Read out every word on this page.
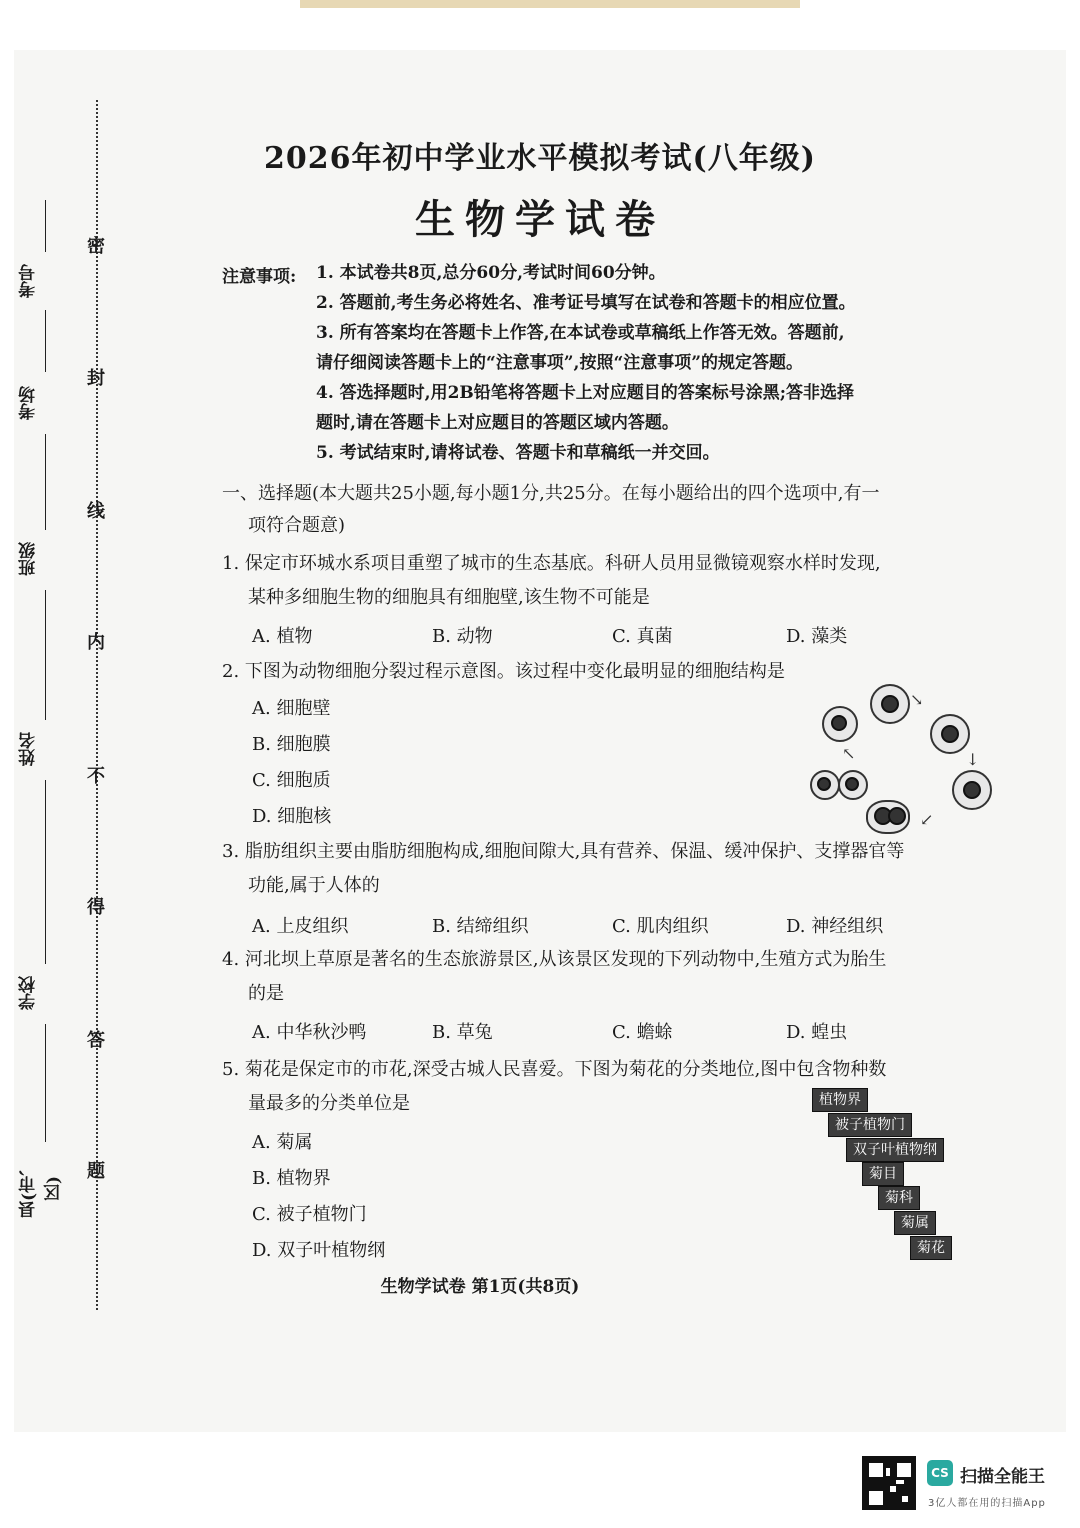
密
封
线
内
不
得
答
题
考号
考场
班级
姓名
学校
县(市、区)
2026年初中学业水平模拟考试(八年级)
生物学试卷
注意事项: 1. 本试卷共8页,总分60分,考试时间60分钟。
2. 答题前,考生务必将姓名、准考证号填写在试卷和答题卡的相应位置。
3. 所有答案均在答题卡上作答,在本试卷或草稿纸上作答无效。答题前,
请仔细阅读答题卡上的“注意事项”,按照“注意事项”的规定答题。
4. 答选择题时,用2B铅笔将答题卡上对应题目的答案标号涂黑;答非选择
题时,请在答题卡上对应题目的答题区域内答题。
5. 考试结束时,请将试卷、答题卡和草稿纸一并交回。
一、选择题(本大题共25小题,每小题1分,共25分。在每小题给出的四个选项中,有一
项符合题意)
1. 保定市环城水系项目重塑了城市的生态基底。科研人员用显微镜观察水样时发现,
某种多细胞生物的细胞具有细胞壁,该生物不可能是
A. 植物	B. 动物	C. 真菌	D. 藻类
2. 下图为动物细胞分裂过程示意图。该过程中变化最明显的细胞结构是
A. 细胞壁
B. 细胞膜
C. 细胞质
D. 细胞核
↘
↓
↙
↖
3. 脂肪组织主要由脂肪细胞构成,细胞间隙大,具有营养、保温、缓冲保护、支撑器官等
功能,属于人体的
A. 上皮组织	B. 结缔组织	C. 肌肉组织	D. 神经组织
4. 河北坝上草原是著名的生态旅游景区,从该景区发现的下列动物中,生殖方式为胎生
的是
A. 中华秋沙鸭	B. 草兔	C. 蟾蜍	D. 蝗虫
5. 菊花是保定市的市花,深受古城人民喜爱。下图为菊花的分类地位,图中包含物种数
量最多的分类单位是
A. 菊属
B. 植物界
C. 被子植物门
D. 双子叶植物纲
植物界
被子植物门
双子叶植物纲
菊目
菊科
菊属
菊花
生物学试卷 第1页(共8页)
CS 扫描全能王
3亿人都在用的扫描App
